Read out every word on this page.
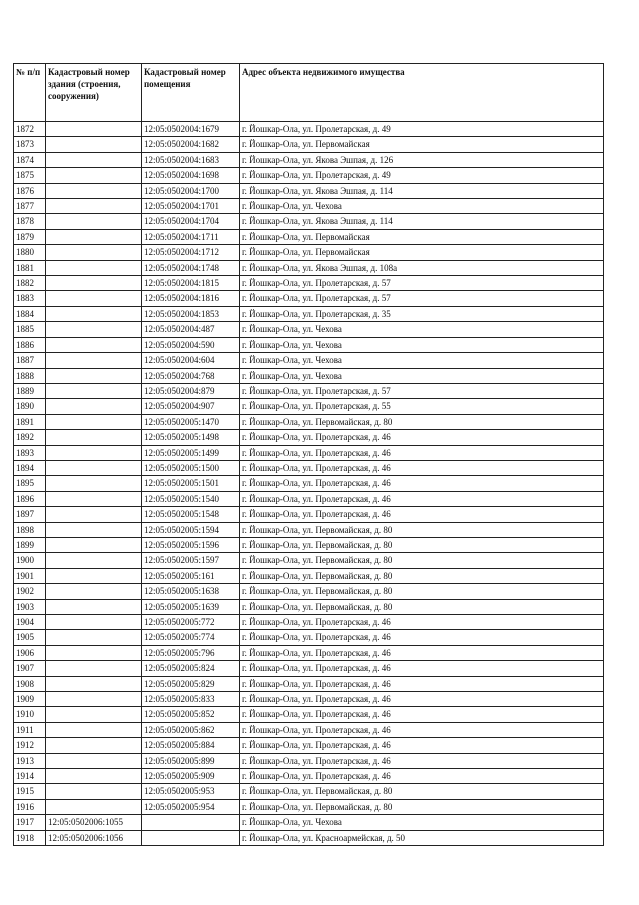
№ п/п	Кадастровый номер здания (строения, сооружения)	Кадастровый номер помещения	Адрес объекта недвижимого имущества
1872		12:05:0502004:1679	г. Йошкар-Ола, ул. Пролетарская, д. 49
1873		12:05:0502004:1682	г. Йошкар-Ола, ул. Первомайская
1874		12:05:0502004:1683	г. Йошкар-Ола, ул. Якова Эшпая, д. 126
1875		12:05:0502004:1698	г. Йошкар-Ола, ул. Пролетарская, д. 49
1876		12:05:0502004:1700	г. Йошкар-Ола, ул. Якова Эшпая, д. 114
1877		12:05:0502004:1701	г. Йошкар-Ола, ул. Чехова
1878		12:05:0502004:1704	г. Йошкар-Ола, ул. Якова Эшпая, д. 114
1879		12:05:0502004:1711	г. Йошкар-Ола, ул. Первомайская
1880		12:05:0502004:1712	г. Йошкар-Ола, ул. Первомайская
1881		12:05:0502004:1748	г. Йошкар-Ола, ул. Якова Эшпая, д. 108а
1882		12:05:0502004:1815	г. Йошкар-Ола, ул. Пролетарская, д. 57
1883		12:05:0502004:1816	г. Йошкар-Ола, ул. Пролетарская, д. 57
1884		12:05:0502004:1853	г. Йошкар-Ола, ул. Пролетарская, д. 35
1885		12:05:0502004:487	г. Йошкар-Ола, ул. Чехова
1886		12:05:0502004:590	г. Йошкар-Ола, ул. Чехова
1887		12:05:0502004:604	г. Йошкар-Ола, ул. Чехова
1888		12:05:0502004:768	г. Йошкар-Ола, ул. Чехова
1889		12:05:0502004:879	г. Йошкар-Ола, ул. Пролетарская, д. 57
1890		12:05:0502004:907	г. Йошкар-Ола, ул. Пролетарская, д. 55
1891		12:05:0502005:1470	г. Йошкар-Ола, ул. Первомайская, д. 80
1892		12:05:0502005:1498	г. Йошкар-Ола, ул. Пролетарская, д. 46
1893		12:05:0502005:1499	г. Йошкар-Ола, ул. Пролетарская, д. 46
1894		12:05:0502005:1500	г. Йошкар-Ола, ул. Пролетарская, д. 46
1895		12:05:0502005:1501	г. Йошкар-Ола, ул. Пролетарская, д. 46
1896		12:05:0502005:1540	г. Йошкар-Ола, ул. Пролетарская, д. 46
1897		12:05:0502005:1548	г. Йошкар-Ола, ул. Пролетарская, д. 46
1898		12:05:0502005:1594	г. Йошкар-Ола, ул. Первомайская, д. 80
1899		12:05:0502005:1596	г. Йошкар-Ола, ул. Первомайская, д. 80
1900		12:05:0502005:1597	г. Йошкар-Ола, ул. Первомайская, д. 80
1901		12:05:0502005:161	г. Йошкар-Ола, ул. Первомайская, д. 80
1902		12:05:0502005:1638	г. Йошкар-Ола, ул. Первомайская, д. 80
1903		12:05:0502005:1639	г. Йошкар-Ола, ул. Первомайская, д. 80
1904		12:05:0502005:772	г. Йошкар-Ола, ул. Пролетарская, д. 46
1905		12:05:0502005:774	г. Йошкар-Ола, ул. Пролетарская, д. 46
1906		12:05:0502005:796	г. Йошкар-Ола, ул. Пролетарская, д. 46
1907		12:05:0502005:824	г. Йошкар-Ола, ул. Пролетарская, д. 46
1908		12:05:0502005:829	г. Йошкар-Ола, ул. Пролетарская, д. 46
1909		12:05:0502005:833	г. Йошкар-Ола, ул. Пролетарская, д. 46
1910		12:05:0502005:852	г. Йошкар-Ола, ул. Пролетарская, д. 46
1911		12:05:0502005:862	г. Йошкар-Ола, ул. Пролетарская, д. 46
1912		12:05:0502005:884	г. Йошкар-Ола, ул. Пролетарская, д. 46
1913		12:05:0502005:899	г. Йошкар-Ола, ул. Пролетарская, д. 46
1914		12:05:0502005:909	г. Йошкар-Ола, ул. Пролетарская, д. 46
1915		12:05:0502005:953	г. Йошкар-Ола, ул. Первомайская, д. 80
1916		12:05:0502005:954	г. Йошкар-Ола, ул. Первомайская, д. 80
1917	12:05:0502006:1055		г. Йошкар-Ола, ул. Чехова
1918	12:05:0502006:1056		г. Йошкар-Ола, ул. Красноармейская, д. 50
